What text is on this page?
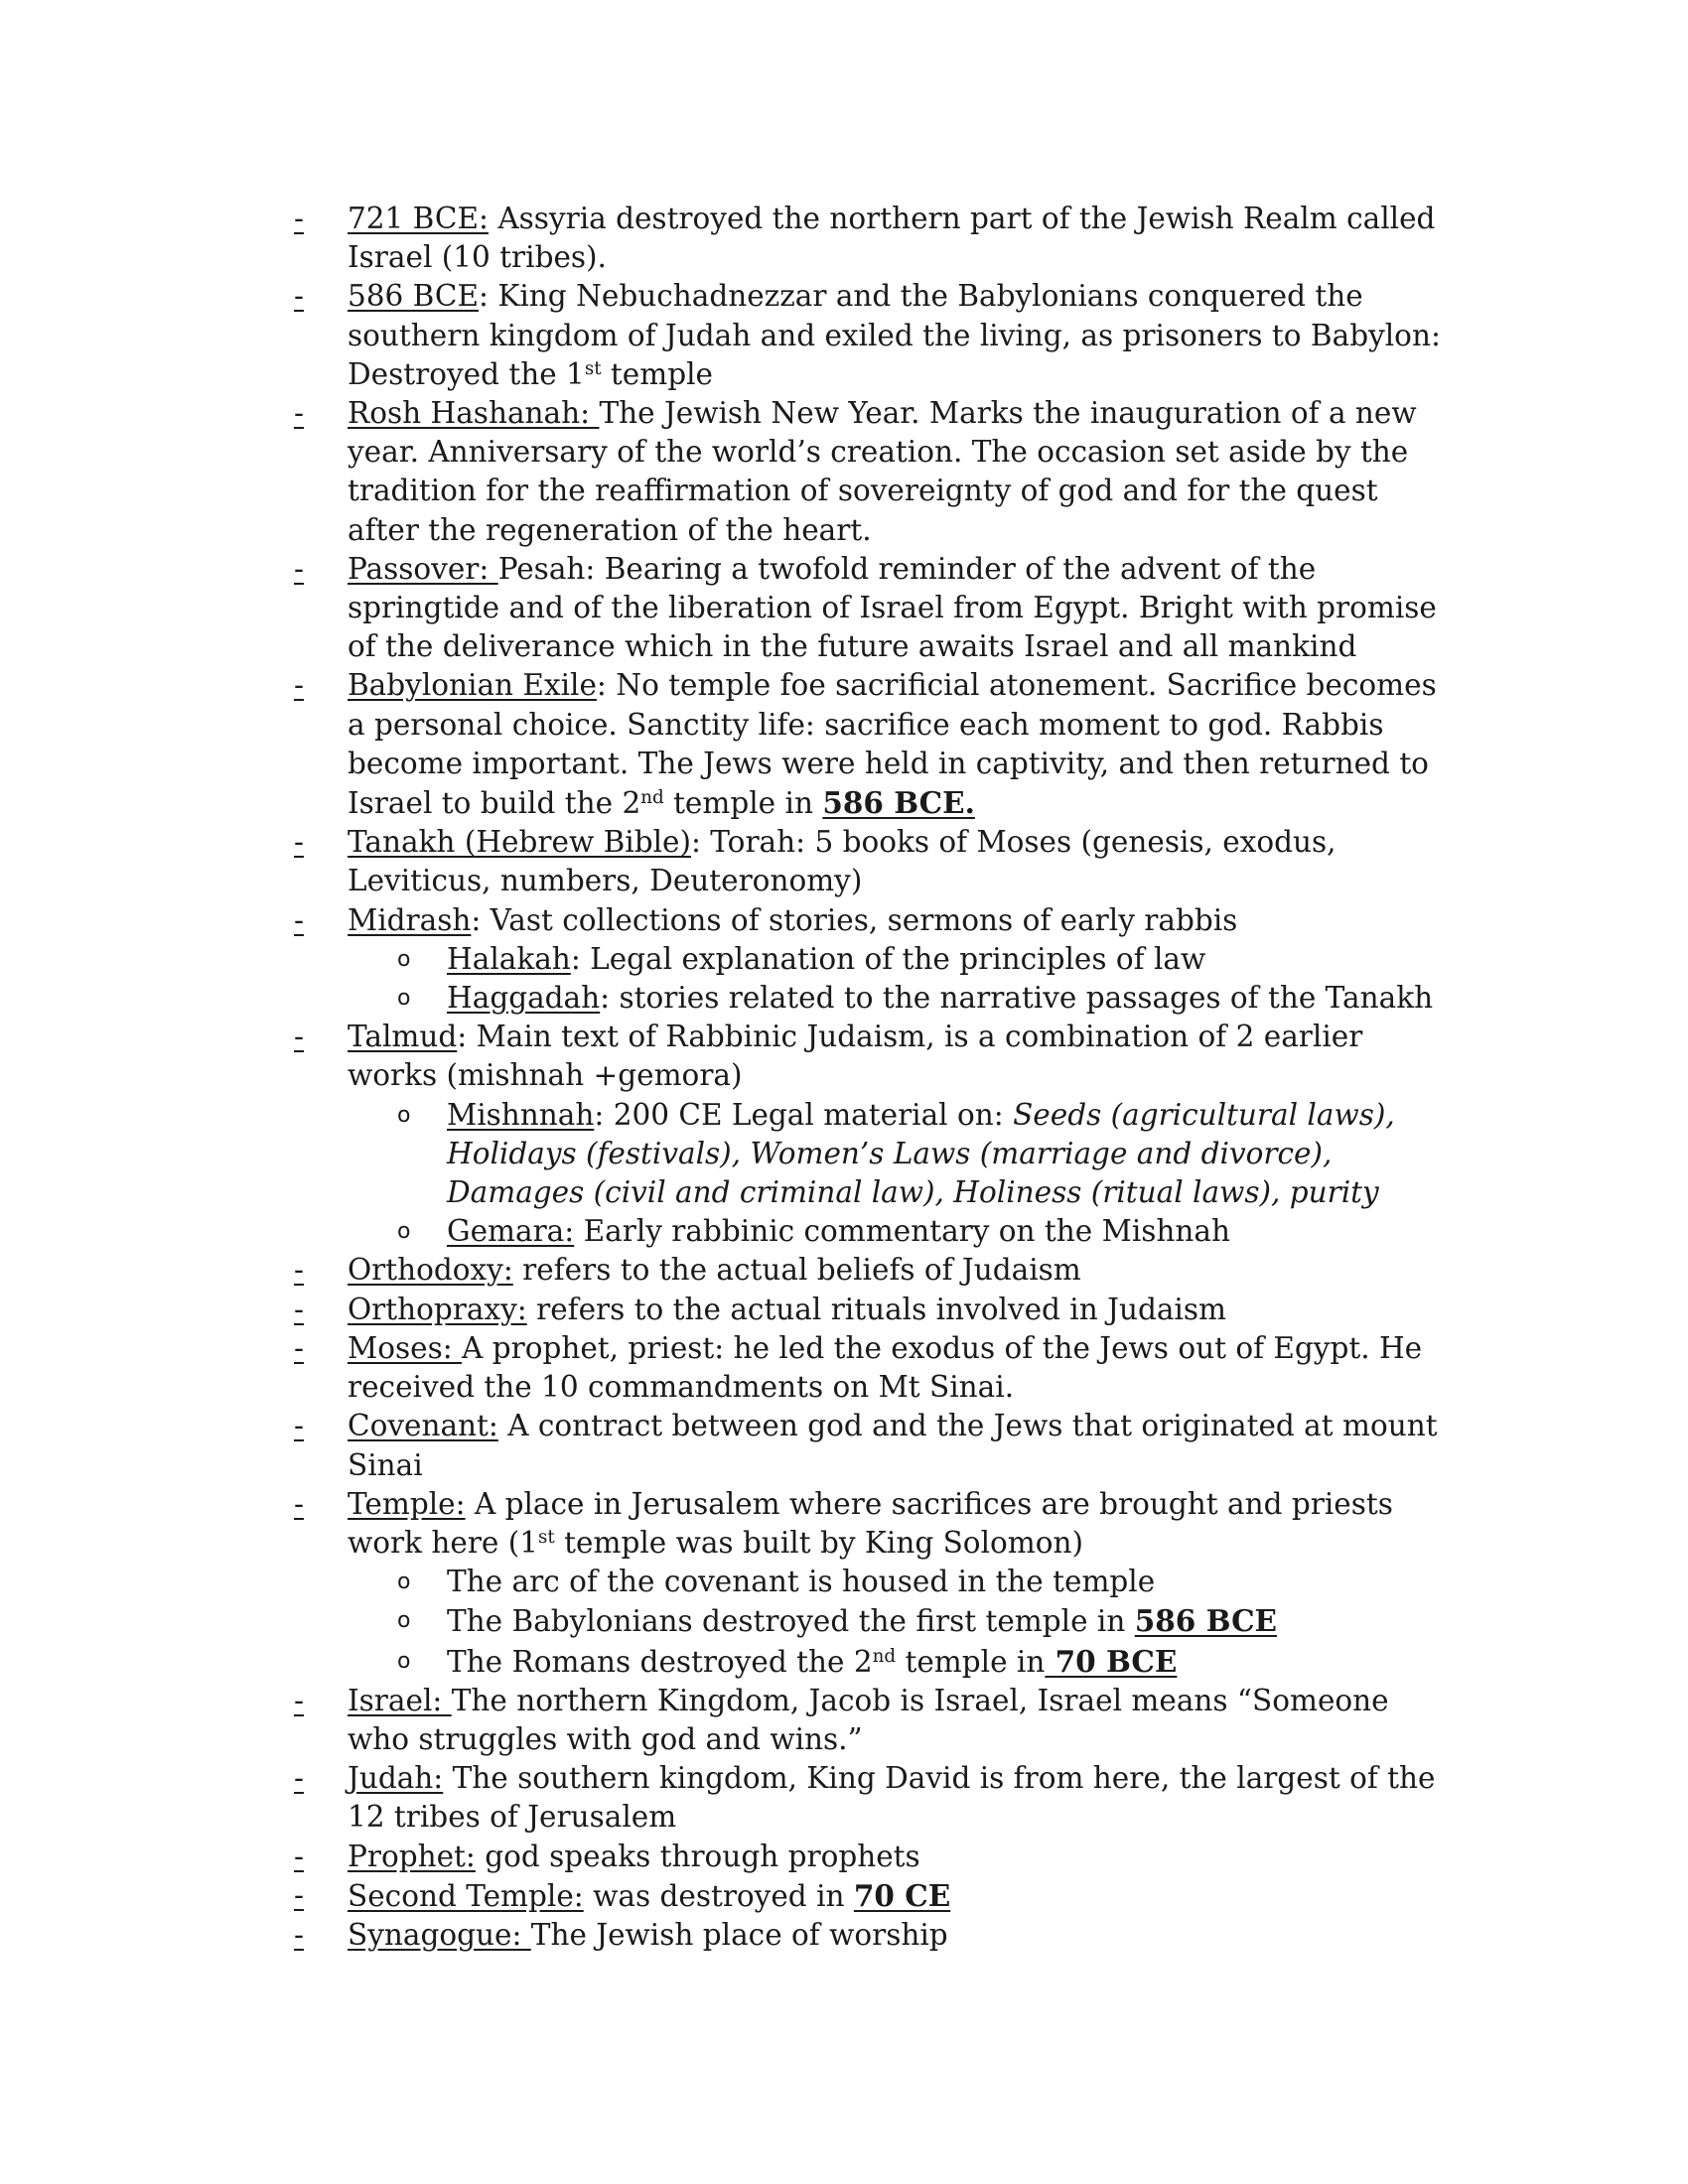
- 721 BCE: Assyria destroyed the northern part of the Jewish Realm called Israel (10 tribes).
- 586 BCE: King Nebuchadnezzar and the Babylonians conquered the southern kingdom of Judah and exiled the living, as prisoners to Babylon: Destroyed the 1st temple
- Rosh Hashanah: The Jewish New Year. Marks the inauguration of a new year. Anniversary of the world’s creation. The occasion set aside by the tradition for the reaffirmation of sovereignty of god and for the quest after the regeneration of the heart.
- Passover: Pesah: Bearing a twofold reminder of the advent of the springtide and of the liberation of Israel from Egypt. Bright with promise of the deliverance which in the future awaits Israel and all mankind
- Babylonian Exile: No temple foe sacrificial atonement. Sacrifice becomes a personal choice. Sanctity life: sacrifice each moment to god. Rabbis become important. The Jews were held in captivity, and then returned to Israel to build the 2nd temple in 586 BCE.
- Tanakh (Hebrew Bible): Torah: 5 books of Moses (genesis, exodus, Leviticus, numbers, Deuteronomy)
- Midrash: Vast collections of stories, sermons of early rabbis
o Halakah: Legal explanation of the principles of law
o Haggadah: stories related to the narrative passages of the Tanakh
- Talmud: Main text of Rabbinic Judaism, is a combination of 2 earlier works (mishnah +gemora)
o Mishnnah: 200 CE Legal material on: Seeds (agricultural laws), Holidays (festivals), Women’s Laws (marriage and divorce), Damages (civil and criminal law), Holiness (ritual laws), purity
o Gemara: Early rabbinic commentary on the Mishnah
- Orthodoxy: refers to the actual beliefs of Judaism
- Orthopraxy: refers to the actual rituals involved in Judaism
- Moses: A prophet, priest: he led the exodus of the Jews out of Egypt. He received the 10 commandments on Mt Sinai.
- Covenant: A contract between god and the Jews that originated at mount Sinai
- Temple: A place in Jerusalem where sacrifices are brought and priests work here (1st temple was built by King Solomon)
o The arc of the covenant is housed in the temple
o The Babylonians destroyed the first temple in 586 BCE
o The Romans destroyed the 2nd temple in 70 BCE
- Israel: The northern Kingdom, Jacob is Israel, Israel means “Someone who struggles with god and wins.”
- Judah: The southern kingdom, King David is from here, the largest of the 12 tribes of Jerusalem
- Prophet: god speaks through prophets
- Second Temple: was destroyed in 70 CE
- Synagogue: The Jewish place of worship
